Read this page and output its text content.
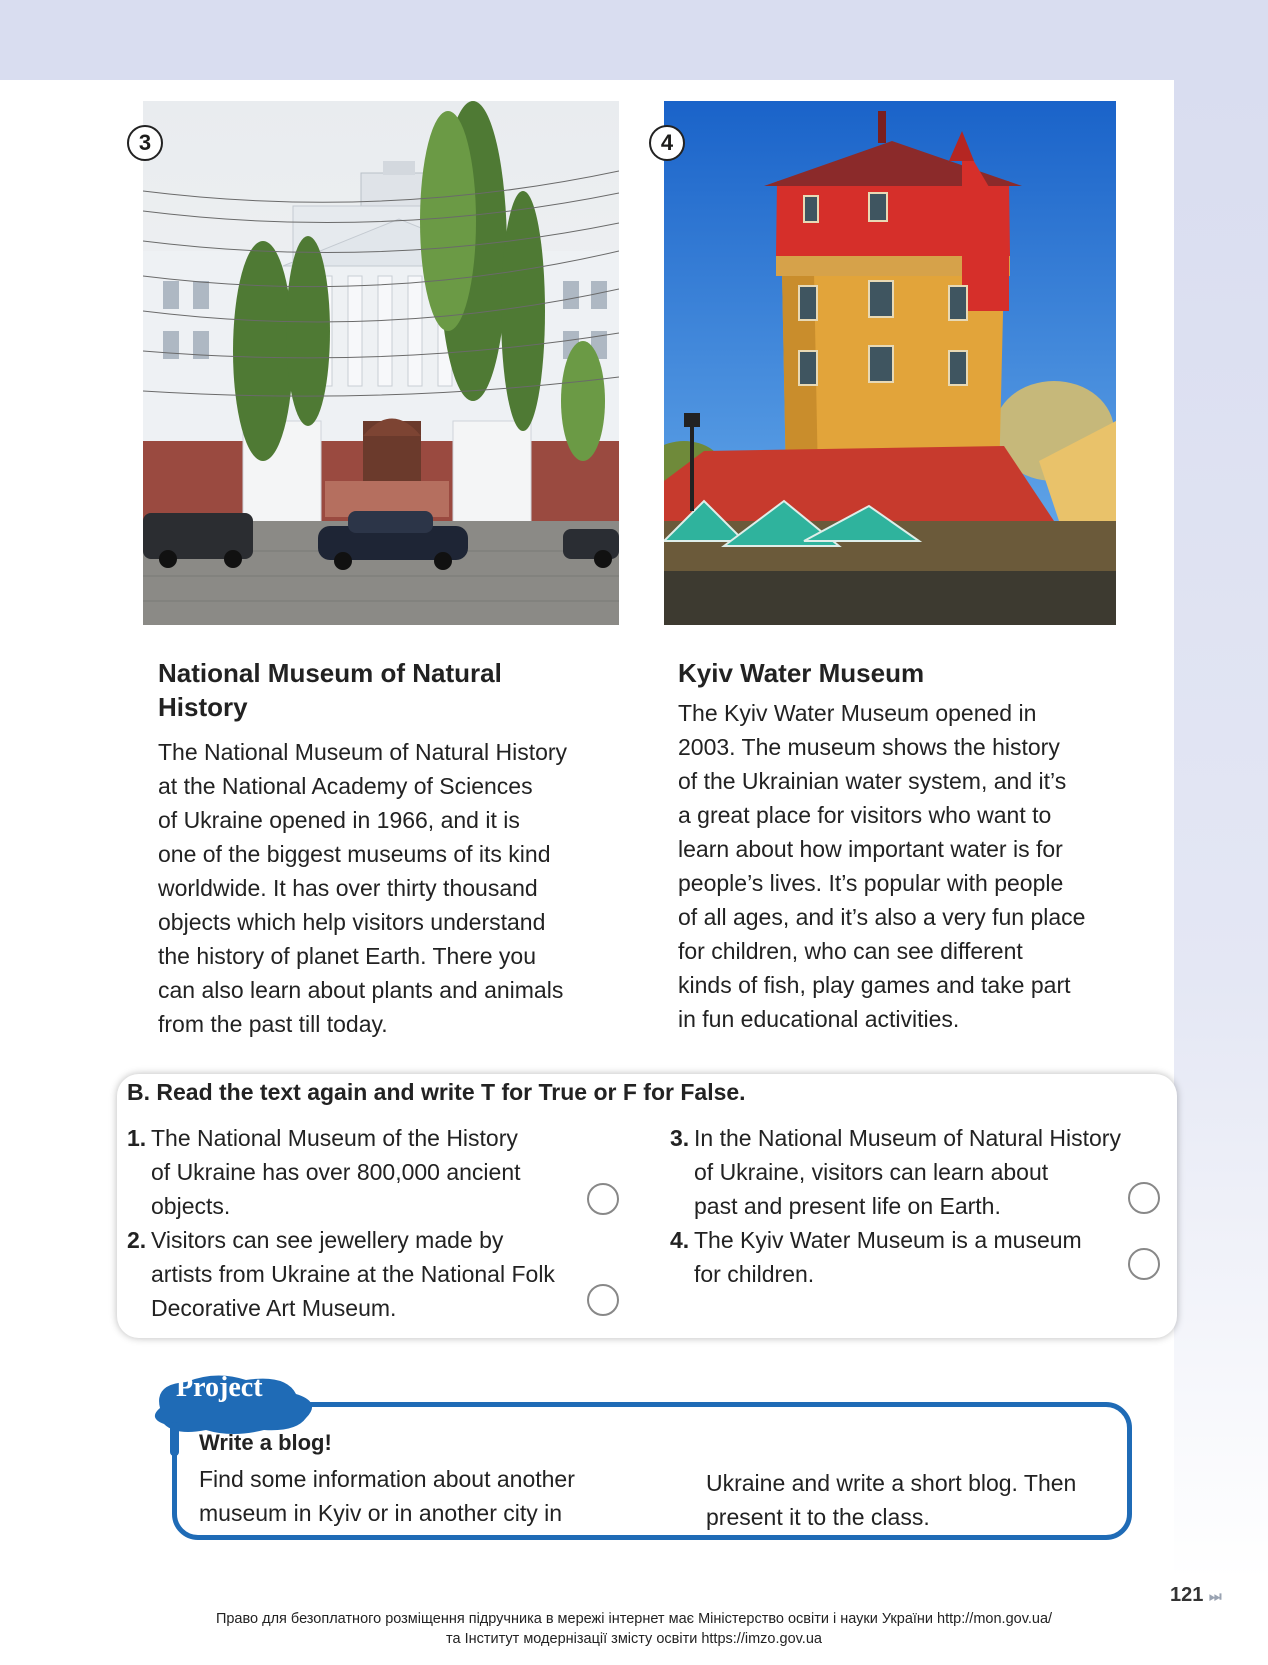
3	4
National Museum of Natural
History
The National Museum of Natural History
at the National Academy of Sciences
of Ukraine opened in 1966, and it is
one of the biggest museums of its kind
worldwide. It has over thirty thousand
objects which help visitors understand
the history of planet Earth. There you
can also learn about plants and animals
from the past till today.
Kyiv Water Museum
The Kyiv Water Museum opened in
2003. The museum shows the history
of the Ukrainian water system, and it’s
a great place for visitors who want to
learn about how important water is for
people’s lives. It’s popular with people
of all ages, and it’s also a very fun place
for children, who can see different
kinds of fish, play games and take part
in fun educational activities.
B. Read the text again and write T for True or F for False.
1. The National Museum of the History
of Ukraine has over 800,000 ancient
objects.
2. Visitors can see jewellery made by
artists from Ukraine at the National Folk
Decorative Art Museum.
3. In the National Museum of Natural History
of Ukraine, visitors can learn about
past and present life on Earth.
4. The Kyiv Water Museum is a museum
for children.
Project
Write a blog!
Find some information about another
museum in Kyiv or in another city in
Ukraine and write a short blog. Then
present it to the class.
121 ⏭
Право для безоплатного розміщення підручника в мережі інтернет має Міністерство освіти і науки України http://mon.gov.ua/
та Інститут модернізації змісту освіти https://imzo.gov.ua
